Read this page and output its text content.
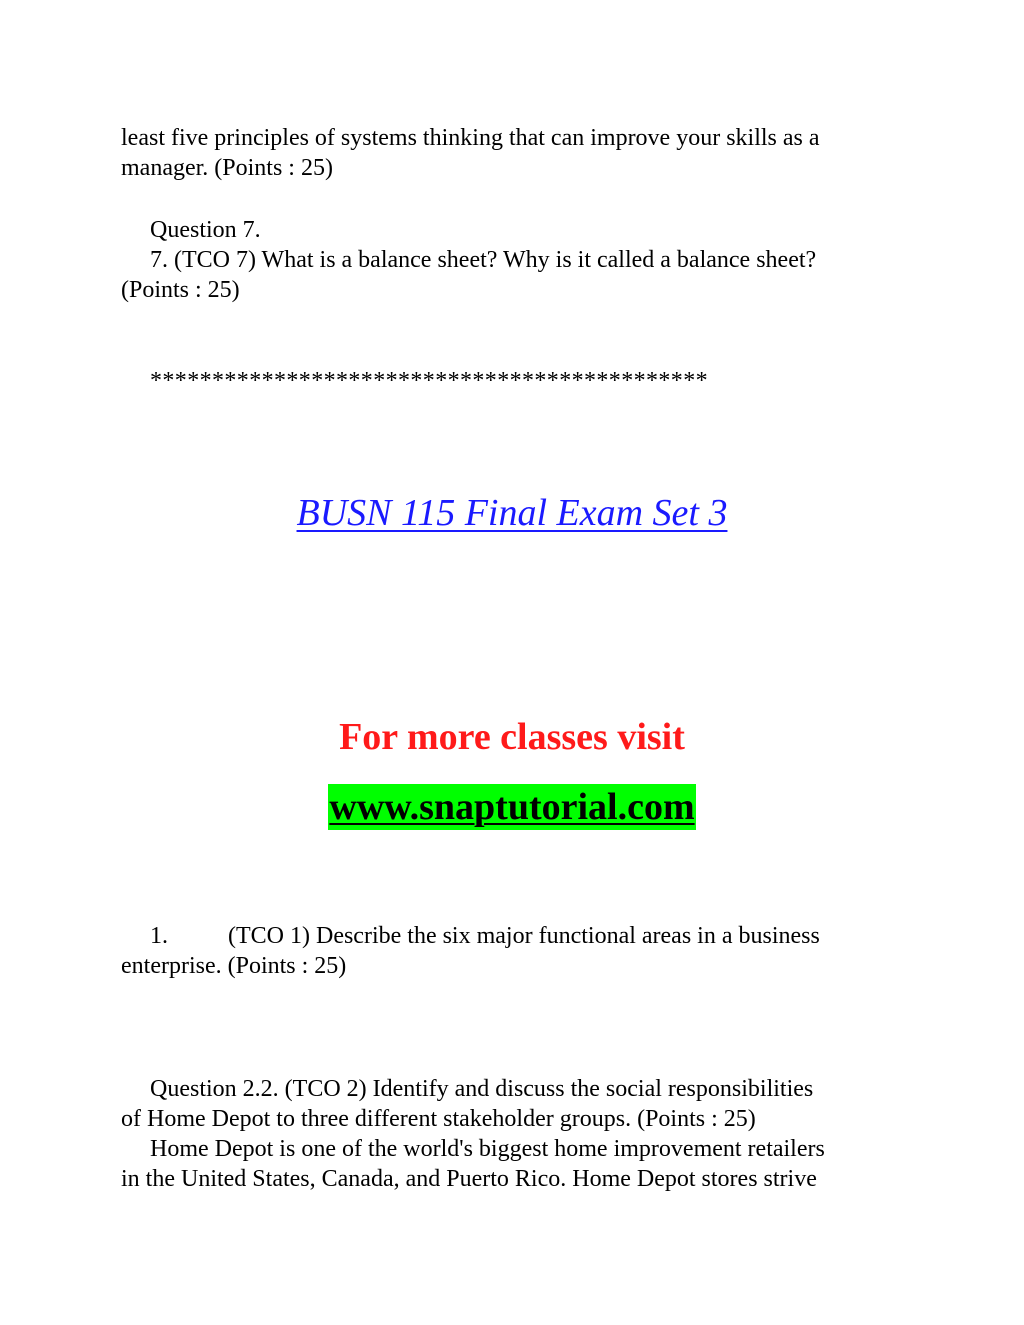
least five principles of systems thinking that can improve your skills as a

manager. (Points : 25)

Question 7.

7. (TCO 7) What is a balance sheet? Why is it called a balance sheet?

(Points : 25)

*********************************************
BUSN 115 Final Exam Set 3
For more classes visit
www.snaptutorial.com

1.	(TCO 1) Describe the six major functional areas in a business

enterprise. (Points : 25)

Question 2.2. (TCO 2) Identify and discuss the social responsibilities

of Home Depot to three different stakeholder groups. (Points : 25)

Home Depot is one of the world's biggest home improvement retailers

in the United States, Canada, and Puerto Rico. Home Depot stores strive
